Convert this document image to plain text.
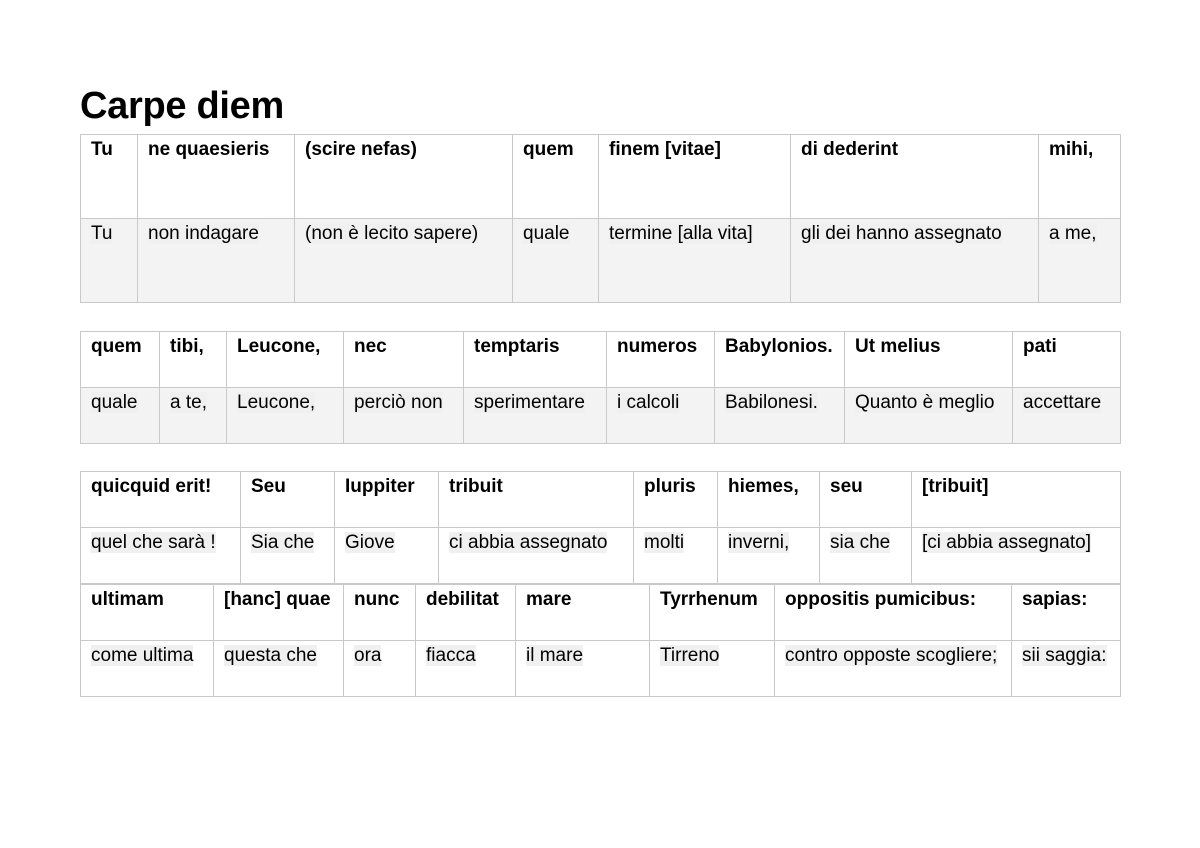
Carpe diem
Tu	ne quaesieris	(scire nefas)	quem	finem [vitae]	di dederint	mihi,
Tu	non indagare	(non è lecito sapere)	quale	termine [alla vita]	gli dei hanno assegnato	a me,
quem	tibi,	Leucone,	nec	temptaris	numeros	Babylonios.	Ut melius	pati
quale	a te,	Leucone,	perciò non	sperimentare	i calcoli	Babilonesi.	Quanto è meglio	accettare
quicquid erit!	Seu	Iuppiter	tribuit	pluris	hiemes,	seu	[tribuit]
quel che sarà !	Sia che	Giove	ci abbia assegnato	molti	inverni,	sia che	[ci abbia assegnato]
ultimam	[hanc] quae	nunc	debilitat	mare	Tyrrhenum	oppositis pumicibus:	sapias:
come ultima	questa che	ora	fiacca	il mare	Tirreno	contro opposte scogliere;	sii saggia:
